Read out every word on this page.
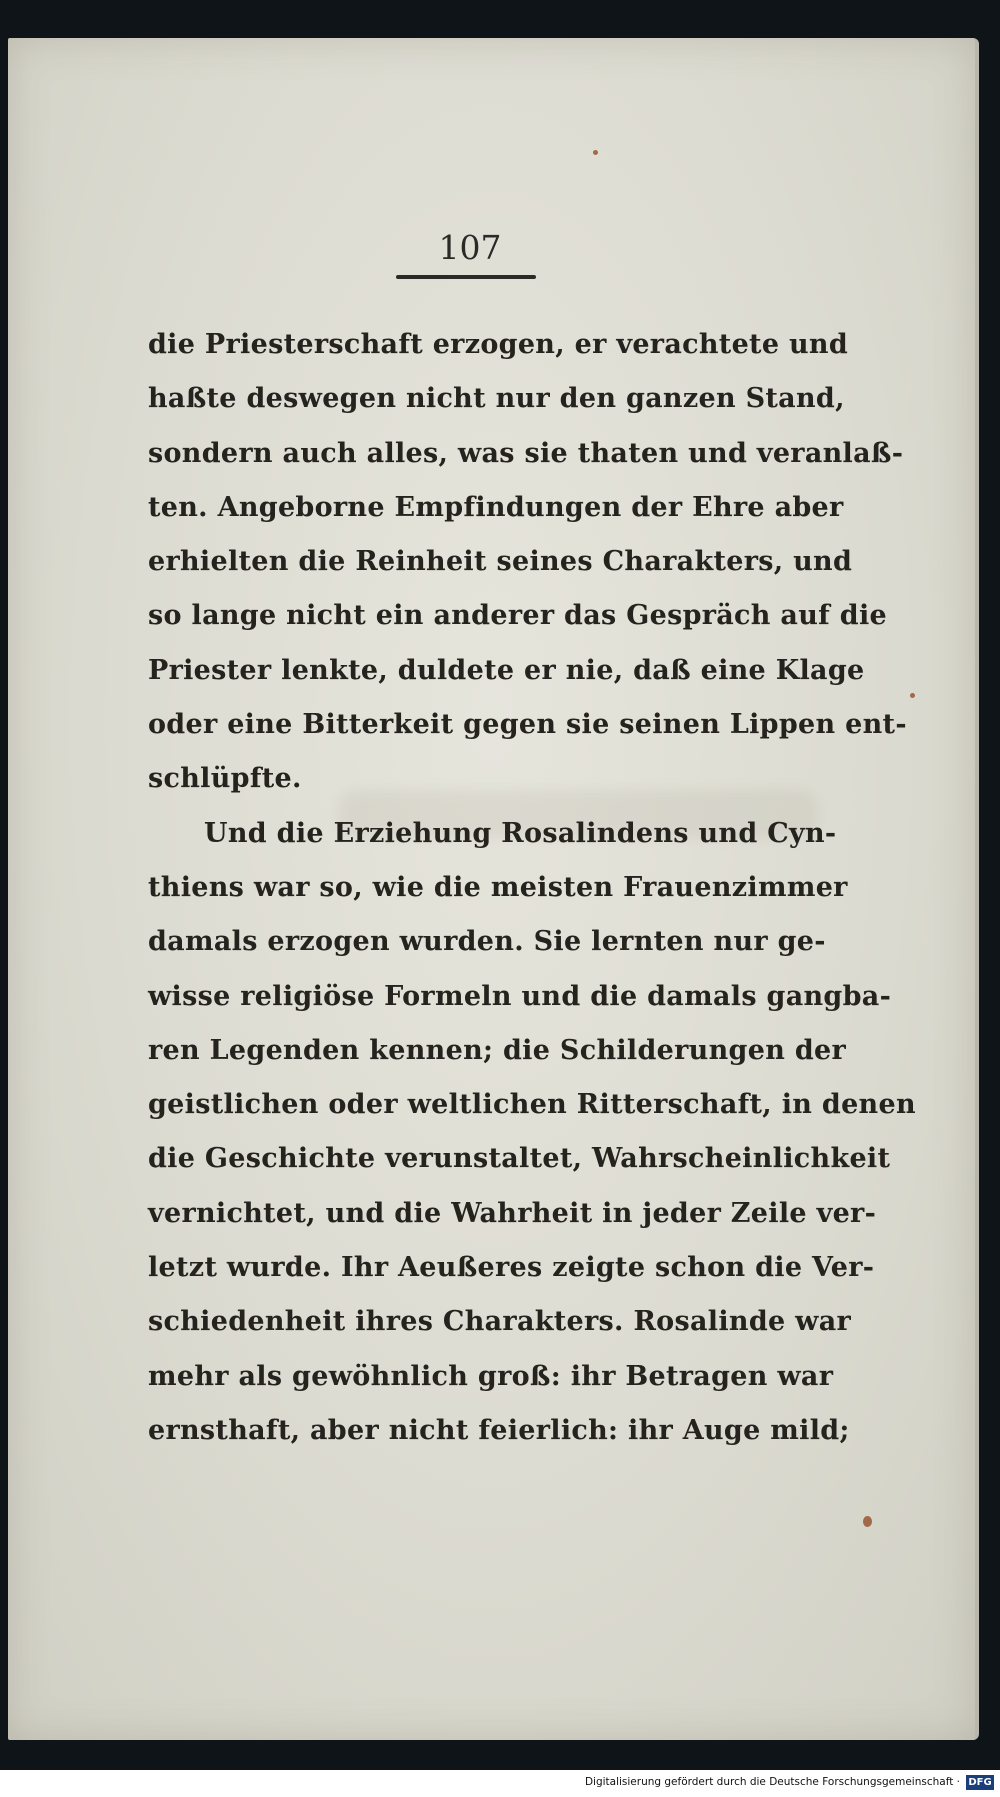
107
die Priesterschaft erzogen, er verachtete und
haßte deswegen nicht nur den ganzen Stand,
sondern auch alles, was sie thaten und veranlaß-
ten. Angeborne Empfindungen der Ehre aber
erhielten die Reinheit seines Charakters, und
so lange nicht ein anderer das Gespräch auf die
Priester lenkte, duldete er nie, daß eine Klage
oder eine Bitterkeit gegen sie seinen Lippen ent-
schlüpfte.
Und die Erziehung Rosalindens und Cyn-
thiens war so, wie die meisten Frauenzimmer
damals erzogen wurden. Sie lernten nur ge-
wisse religiöse Formeln und die damals gangba-
ren Legenden kennen; die Schilderungen der
geistlichen oder weltlichen Ritterschaft, in denen
die Geschichte verunstaltet, Wahrscheinlichkeit
vernichtet, und die Wahrheit in jeder Zeile ver-
letzt wurde. Ihr Aeußeres zeigte schon die Ver-
schiedenheit ihres Charakters. Rosalinde war
mehr als gewöhnlich groß: ihr Betragen war
ernsthaft, aber nicht feierlich: ihr Auge mild;
Digitalisierung gefördert durch die Deutsche Forschungsgemeinschaft · DFG
